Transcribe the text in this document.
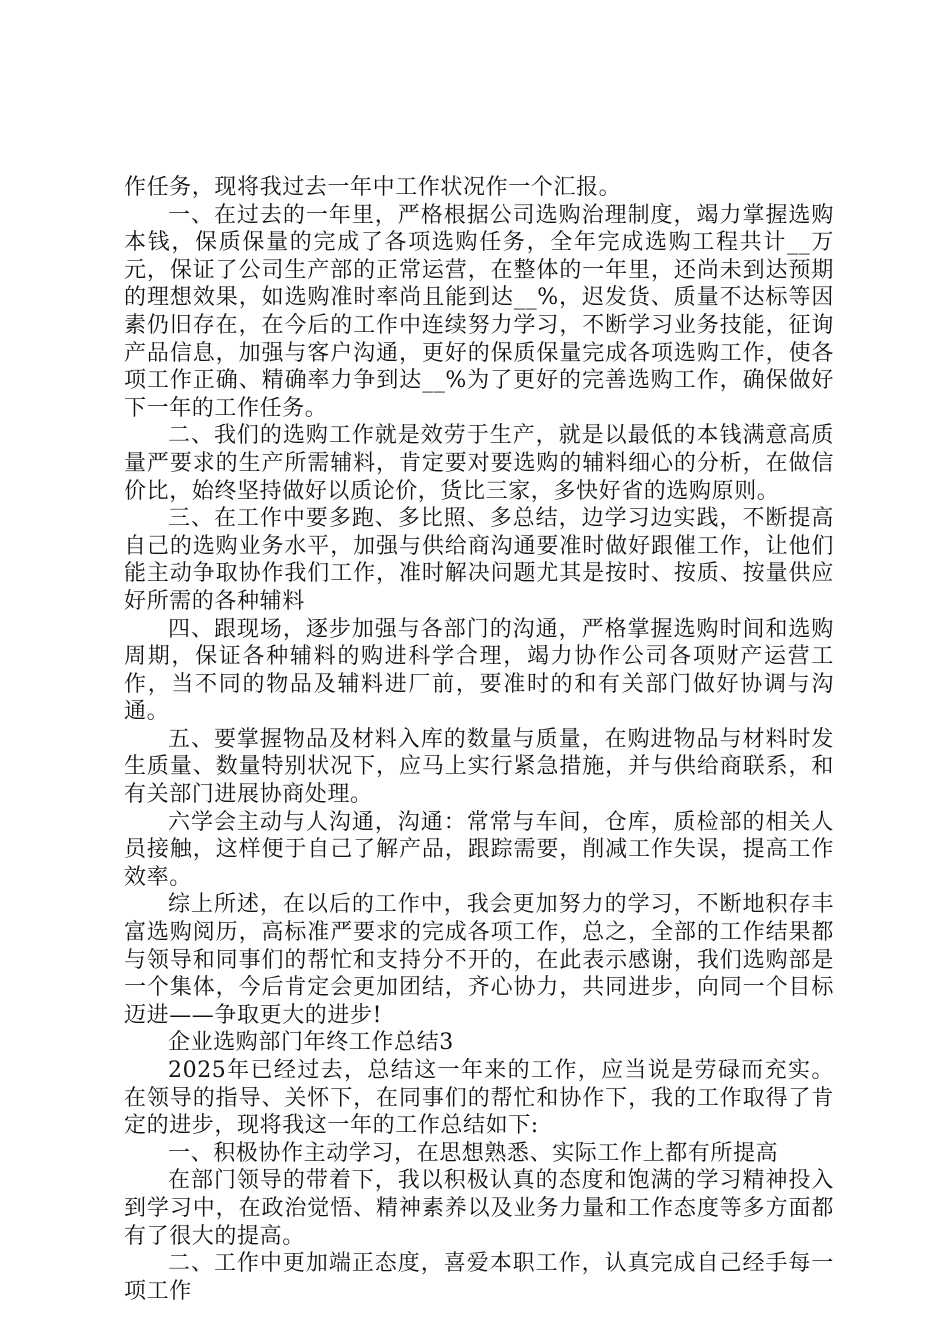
作任务，现将我过去一年中工作状况作一个汇报。

一、在过去的一年里，严格根据公司选购治理制度，竭力掌握选购本钱，保质保量的完成了各项选购任务，全年完成选购工程共计__万元，保证了公司生产部的正常运营，在整体的一年里，还尚未到达预期的理想效果，如选购准时率尚且能到达__%，迟发货、质量不达标等因素仍旧存在，在今后的工作中连续努力学习，不断学习业务技能，征询产品信息，加强与客户沟通，更好的保质保量完成各项选购工作，使各项工作正确、精确率力争到达__%为了更好的完善选购工作，确保做好下一年的工作任务。

二、我们的选购工作就是效劳于生产，就是以最低的本钱满意高质量严要求的生产所需辅料，肯定要对要选购的辅料细心的分析，在做信价比，始终坚持做好以质论价，货比三家，多快好省的选购原则。

三、在工作中要多跑、多比照、多总结，边学习边实践，不断提高自己的选购业务水平，加强与供给商沟通要准时做好跟催工作，让他们能主动争取协作我们工作，准时解决问题尤其是按时、按质、按量供应好所需的各种辅料

四、跟现场，逐步加强与各部门的沟通，严格掌握选购时间和选购周期，保证各种辅料的购进科学合理，竭力协作公司各项财产运营工作，当不同的物品及辅料进厂前，要准时的和有关部门做好协调与沟通。

五、要掌握物品及材料入库的数量与质量，在购进物品与材料时发生质量、数量特别状况下，应马上实行紧急措施，并与供给商联系，和有关部门进展协商处理。

六学会主动与人沟通，沟通：常常与车间，仓库，质检部的相关人员接触，这样便于自己了解产品，跟踪需要，削减工作失误，提高工作效率。

综上所述，在以后的工作中，我会更加努力的学习，不断地积存丰富选购阅历，高标准严要求的完成各项工作，总之，全部的工作结果都与领导和同事们的帮忙和支持分不开的，在此表示感谢，我们选购部是一个集体，今后肯定会更加团结，齐心协力，共同进步，向同一个目标迈进——争取更大的进步!

企业选购部门年终工作总结3

2025年已经过去，总结这一年来的工作，应当说是劳碌而充实。在领导的指导、关怀下，在同事们的帮忙和协作下，我的工作取得了肯定的进步，现将我这一年的工作总结如下:

一、积极协作主动学习，在思想熟悉、实际工作上都有所提高

在部门领导的带着下，我以积极认真的态度和饱满的学习精神投入到学习中，在政治觉悟、精神素养以及业务力量和工作态度等多方面都有了很大的提高。

二、工作中更加端正态度，喜爱本职工作，认真完成自己经手每一项工作
